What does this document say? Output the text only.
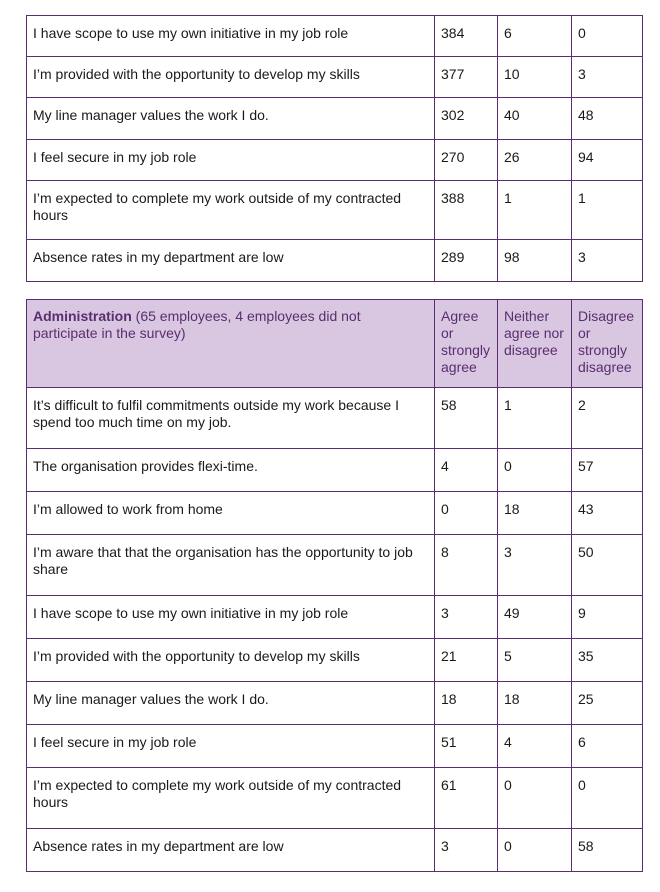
I have scope to use my own initiative in my job role	384	6	0
I’m provided with the opportunity to develop my skills	377	10	3
My line manager values the work I do.	302	40	48
I feel secure in my job role	270	26	94
I’m expected to complete my work outside of my contracted hours	388	1	1
Absence rates in my department are low	289	98	3
Administration (65 employees, 4 employees did not participate in the survey)	Agree or strongly agree	Neither agree nor disagree	Disagree or strongly disagree
It’s difficult to fulfil commitments outside my work because I spend too much time on my job.	58	1	2
The organisation provides flexi-time.	4	0	57
I’m allowed to work from home	0	18	43
I’m aware that that the organisation has the opportunity to job share	8	3	50
I have scope to use my own initiative in my job role	3	49	9
I’m provided with the opportunity to develop my skills	21	5	35
My line manager values the work I do.	18	18	25
I feel secure in my job role	51	4	6
I’m expected to complete my work outside of my contracted hours	61	0	0
Absence rates in my department are low	3	0	58
